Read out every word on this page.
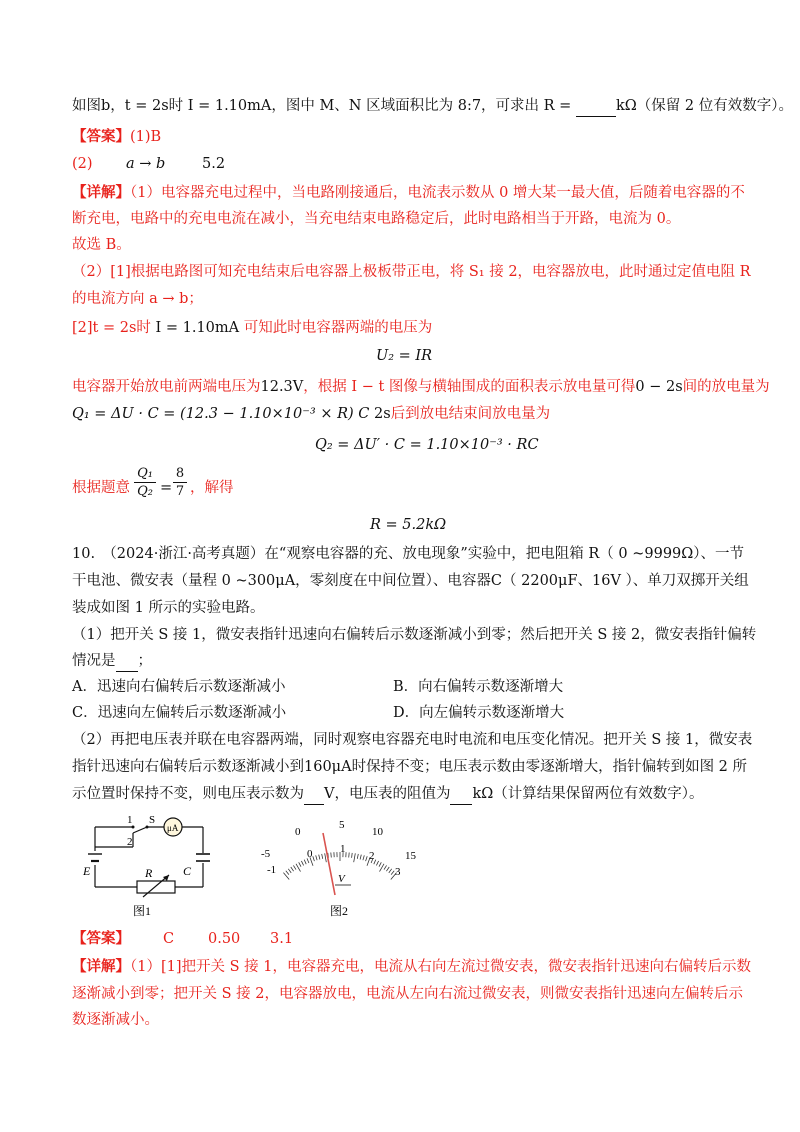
如图b，t = 2s时 I = 1.10mA，图中 M、N 区域面积比为 8:7，可求出 R =	kΩ（保留 2 位有效数字）。
【答案】(1)B
(2) a → b	5.2
【详解】（1）电容器充电过程中，当电路刚接通后，电流表示数从 0 增大某一最大值，后随着电容器的不
断充电，电路中的充电电流在减小，当充电结束电路稳定后，此时电路相当于开路，电流为 0。
故选 B。
（2）[1]根据电路图可知充电结束后电容器上极板带正电，将 S₁ 接 2，电容器放电，此时通过定值电阻 R
的电流方向 a → b；
[2]t = 2s时 I = 1.10mA 可知此时电容器两端的电压为
U₂ = IR
电容器开始放电前两端电压为12.3V，根据 I − t 图像与横轴围成的面积表示放电量可得0 − 2s间的放电量为
Q₁ = ΔU · C = (12.3 − 1.10×10⁻³ × R) C 2s后到放电结束间放电量为
Q₂ = ΔU′ · C = 1.10×10⁻³ · RC
根据题意
Q₁
Q₂ =
8
7 ，解得
R = 5.2kΩ
10.　（2024·浙江·高考真题）在“观察电容器的充、放电现象”实验中，把电阻箱 R（ 0 ~9999Ω）、一节
干电池、微安表（量程 0 ~300μA，零刻度在中间位置）、电容器C（ 2200μF、16V ）、单刀双掷开关组
装成如图 1 所示的实验电路。
（1）把开关 S 接 1，微安表指针迅速向右偏转后示数逐渐减小到零；然后把开关 S 接 2，微安表指针偏转
情况是 ；
A．迅速向右偏转后示数逐渐减小	B．向右偏转示数逐渐增大
C．迅速向左偏转后示数逐渐减小	D．向左偏转示数逐渐增大
（2）再把电压表并联在电容器两端，同时观察电容器充电时电流和电压变化情况。把开关 S 接 1，微安表
指针迅速向右偏转后示数逐渐减小到160μA时保持不变；电压表示数由零逐渐增大，指针偏转到如图 2 所
示位置时保持不变，则电压表示数为 V，电压表的阻值为 kΩ（计算结果保留两位有效数字）。
μA
S
1
2
E	R	C
图1
-5
0
5
10
15
-1
0	1
2
3
V
图2
【答案】 C 0.50 3.1
【详解】（1）[1]把开关 S 接 1，电容器充电，电流从右向左流过微安表，微安表指针迅速向右偏转后示数
逐渐减小到零；把开关 S 接 2，电容器放电，电流从左向右流过微安表，则微安表指针迅速向左偏转后示
数逐渐减小。
